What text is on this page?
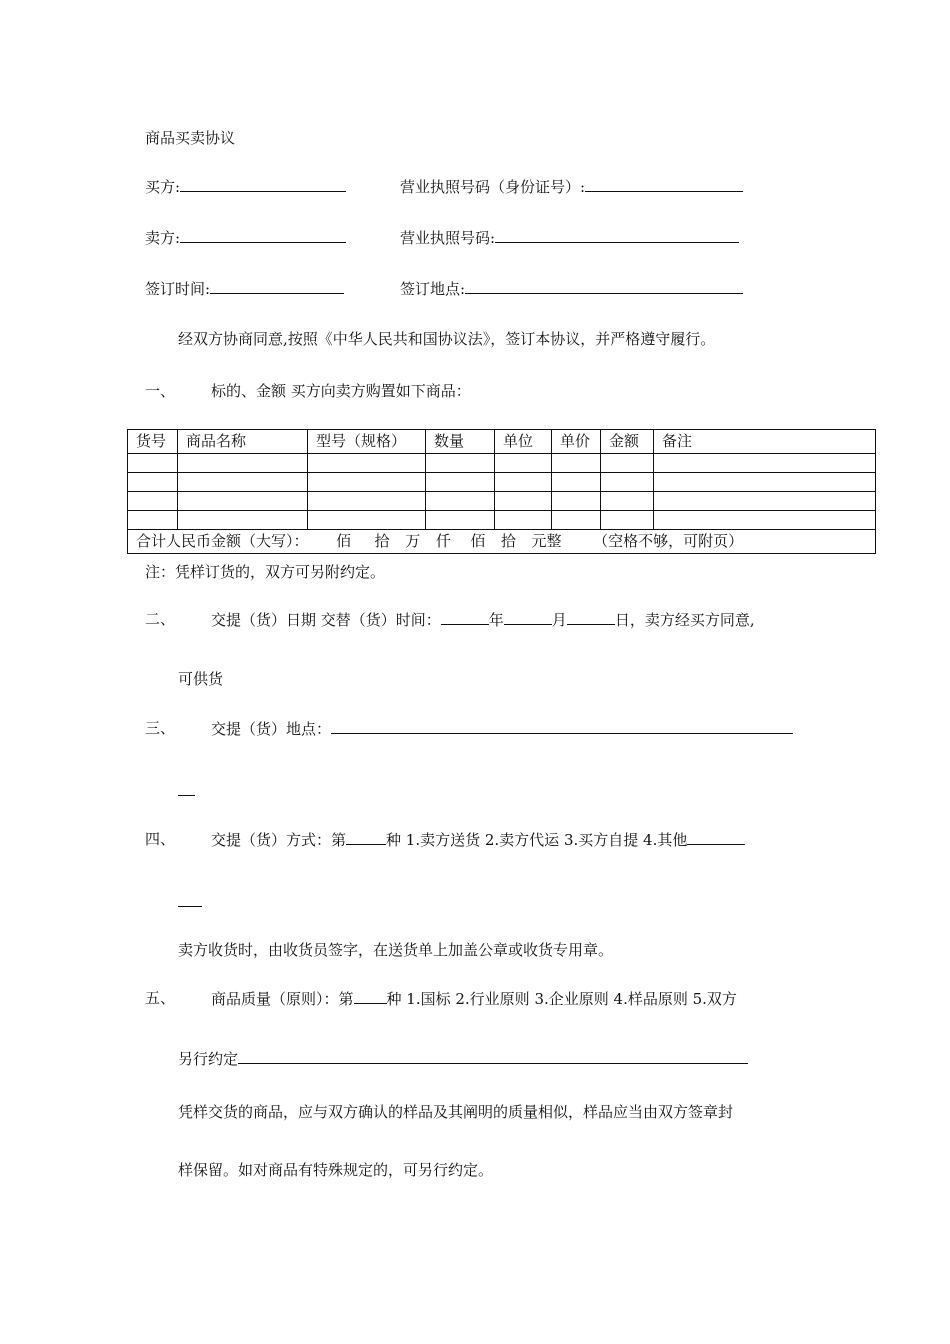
商品买卖协议
买方:	营业执照号码（身份证号）:
卖方:	营业执照号码:
签订时间:	签订地点:
经双方协商同意,按照《中华人民共和国协议法》，签订本协议，并严格遵守履行。
一、 标的、金额 买方向卖方购置如下商品：
货号	商品名称	型号（规格）	数量	单位	单价	金额	备注

合计人民币金额（大写）： 佰 拾 万 仟 佰 拾 元整 （空格不够，可附页）							
注：凭样订货的，双方可另附约定。
二、 交提（货）日期 交替（货）时间：	年	月	日，卖方经买方同意,
可供货
三、 交提（货）地点：
四、 交提（货）方式：第	种 1.卖方送货 2.卖方代运 3.买方自提 4.其他
卖方收货时，由收货员签字，在送货单上加盖公章或收货专用章。
五、 商品质量（原则）：第 种 1.国标 2.行业原则 3.企业原则 4.样品原则 5.双方
另行约定
凭样交货的商品，应与双方确认的样品及其阐明的质量相似，样品应当由双方签章封
样保留。如对商品有特殊规定的，可另行约定。
